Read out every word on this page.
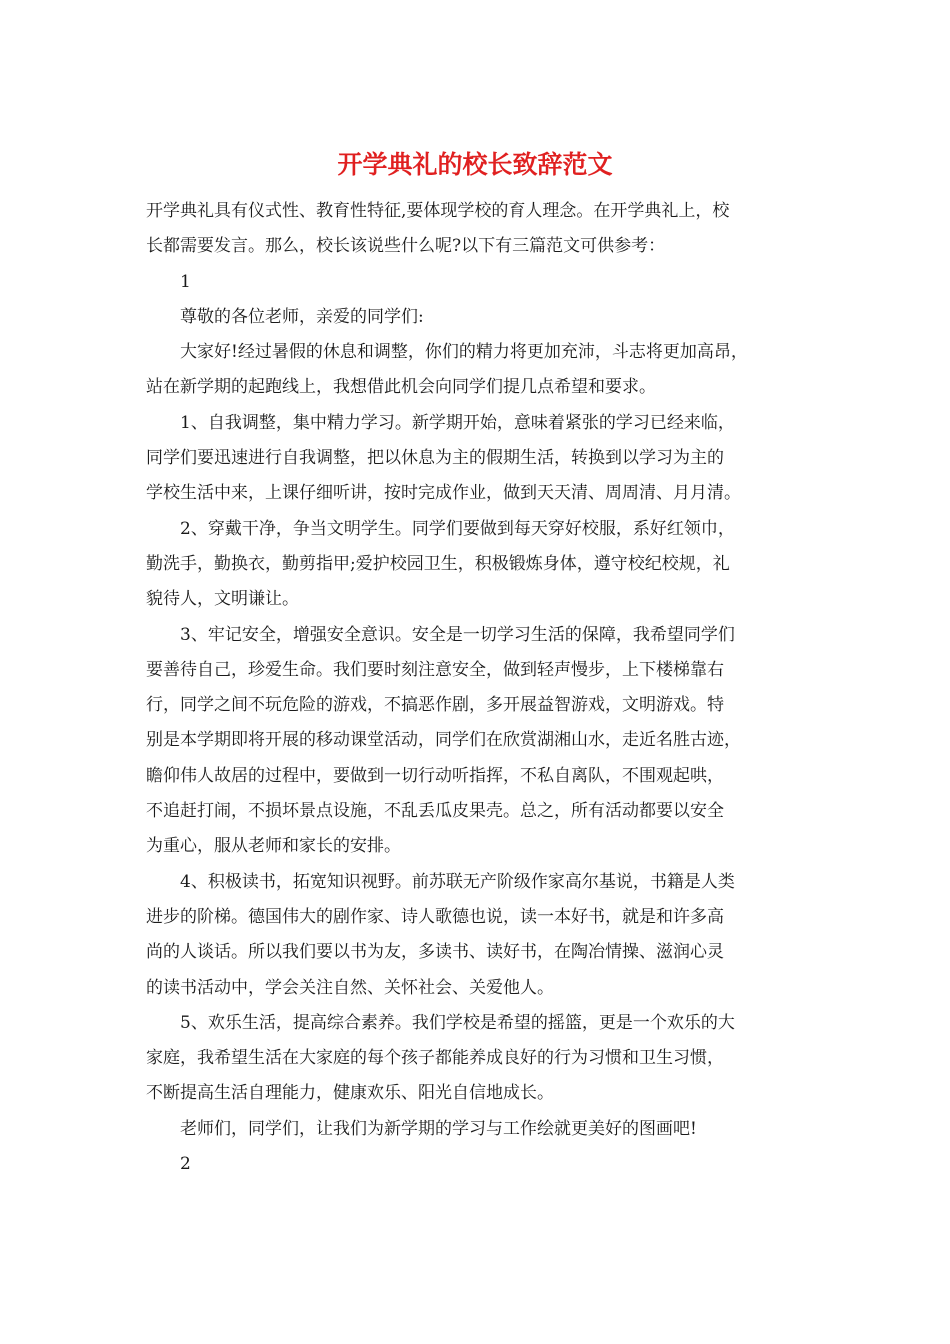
开学典礼的校长致辞范文
开学典礼具有仪式性、教育性特征,要体现学校的育人理念。在开学典礼上，校
长都需要发言。那么，校长该说些什么呢?以下有三篇范文可供参考：
1
尊敬的各位老师，亲爱的同学们:
大家好!经过暑假的休息和调整，你们的精力将更加充沛，斗志将更加高昂，
站在新学期的起跑线上，我想借此机会向同学们提几点希望和要求。
1、自我调整，集中精力学习。新学期开始，意味着紧张的学习已经来临，
同学们要迅速进行自我调整，把以休息为主的假期生活，转换到以学习为主的
学校生活中来，上课仔细听讲，按时完成作业，做到天天清、周周清、月月清。
2、穿戴干净，争当文明学生。同学们要做到每天穿好校服，系好红领巾，
勤洗手，勤换衣，勤剪指甲;爱护校园卫生，积极锻炼身体，遵守校纪校规，礼
貌待人，文明谦让。
3、牢记安全，增强安全意识。安全是一切学习生活的保障，我希望同学们
要善待自己，珍爱生命。我们要时刻注意安全，做到轻声慢步，上下楼梯靠右
行，同学之间不玩危险的游戏，不搞恶作剧，多开展益智游戏，文明游戏。特
别是本学期即将开展的移动课堂活动，同学们在欣赏湖湘山水，走近名胜古迹，
瞻仰伟人故居的过程中，要做到一切行动听指挥，不私自离队，不围观起哄，
不追赶打闹，不损坏景点设施，不乱丢瓜皮果壳。总之，所有活动都要以安全
为重心，服从老师和家长的安排。
4、积极读书，拓宽知识视野。前苏联无产阶级作家高尔基说，书籍是人类
进步的阶梯。德国伟大的剧作家、诗人歌德也说，读一本好书，就是和许多高
尚的人谈话。所以我们要以书为友，多读书、读好书，在陶冶情操、滋润心灵
的读书活动中，学会关注自然、关怀社会、关爱他人。
5、欢乐生活，提高综合素养。我们学校是希望的摇篮，更是一个欢乐的大
家庭，我希望生活在大家庭的每个孩子都能养成良好的行为习惯和卫生习惯，
不断提高生活自理能力，健康欢乐、阳光自信地成长。
老师们，同学们，让我们为新学期的学习与工作绘就更美好的图画吧!
2
